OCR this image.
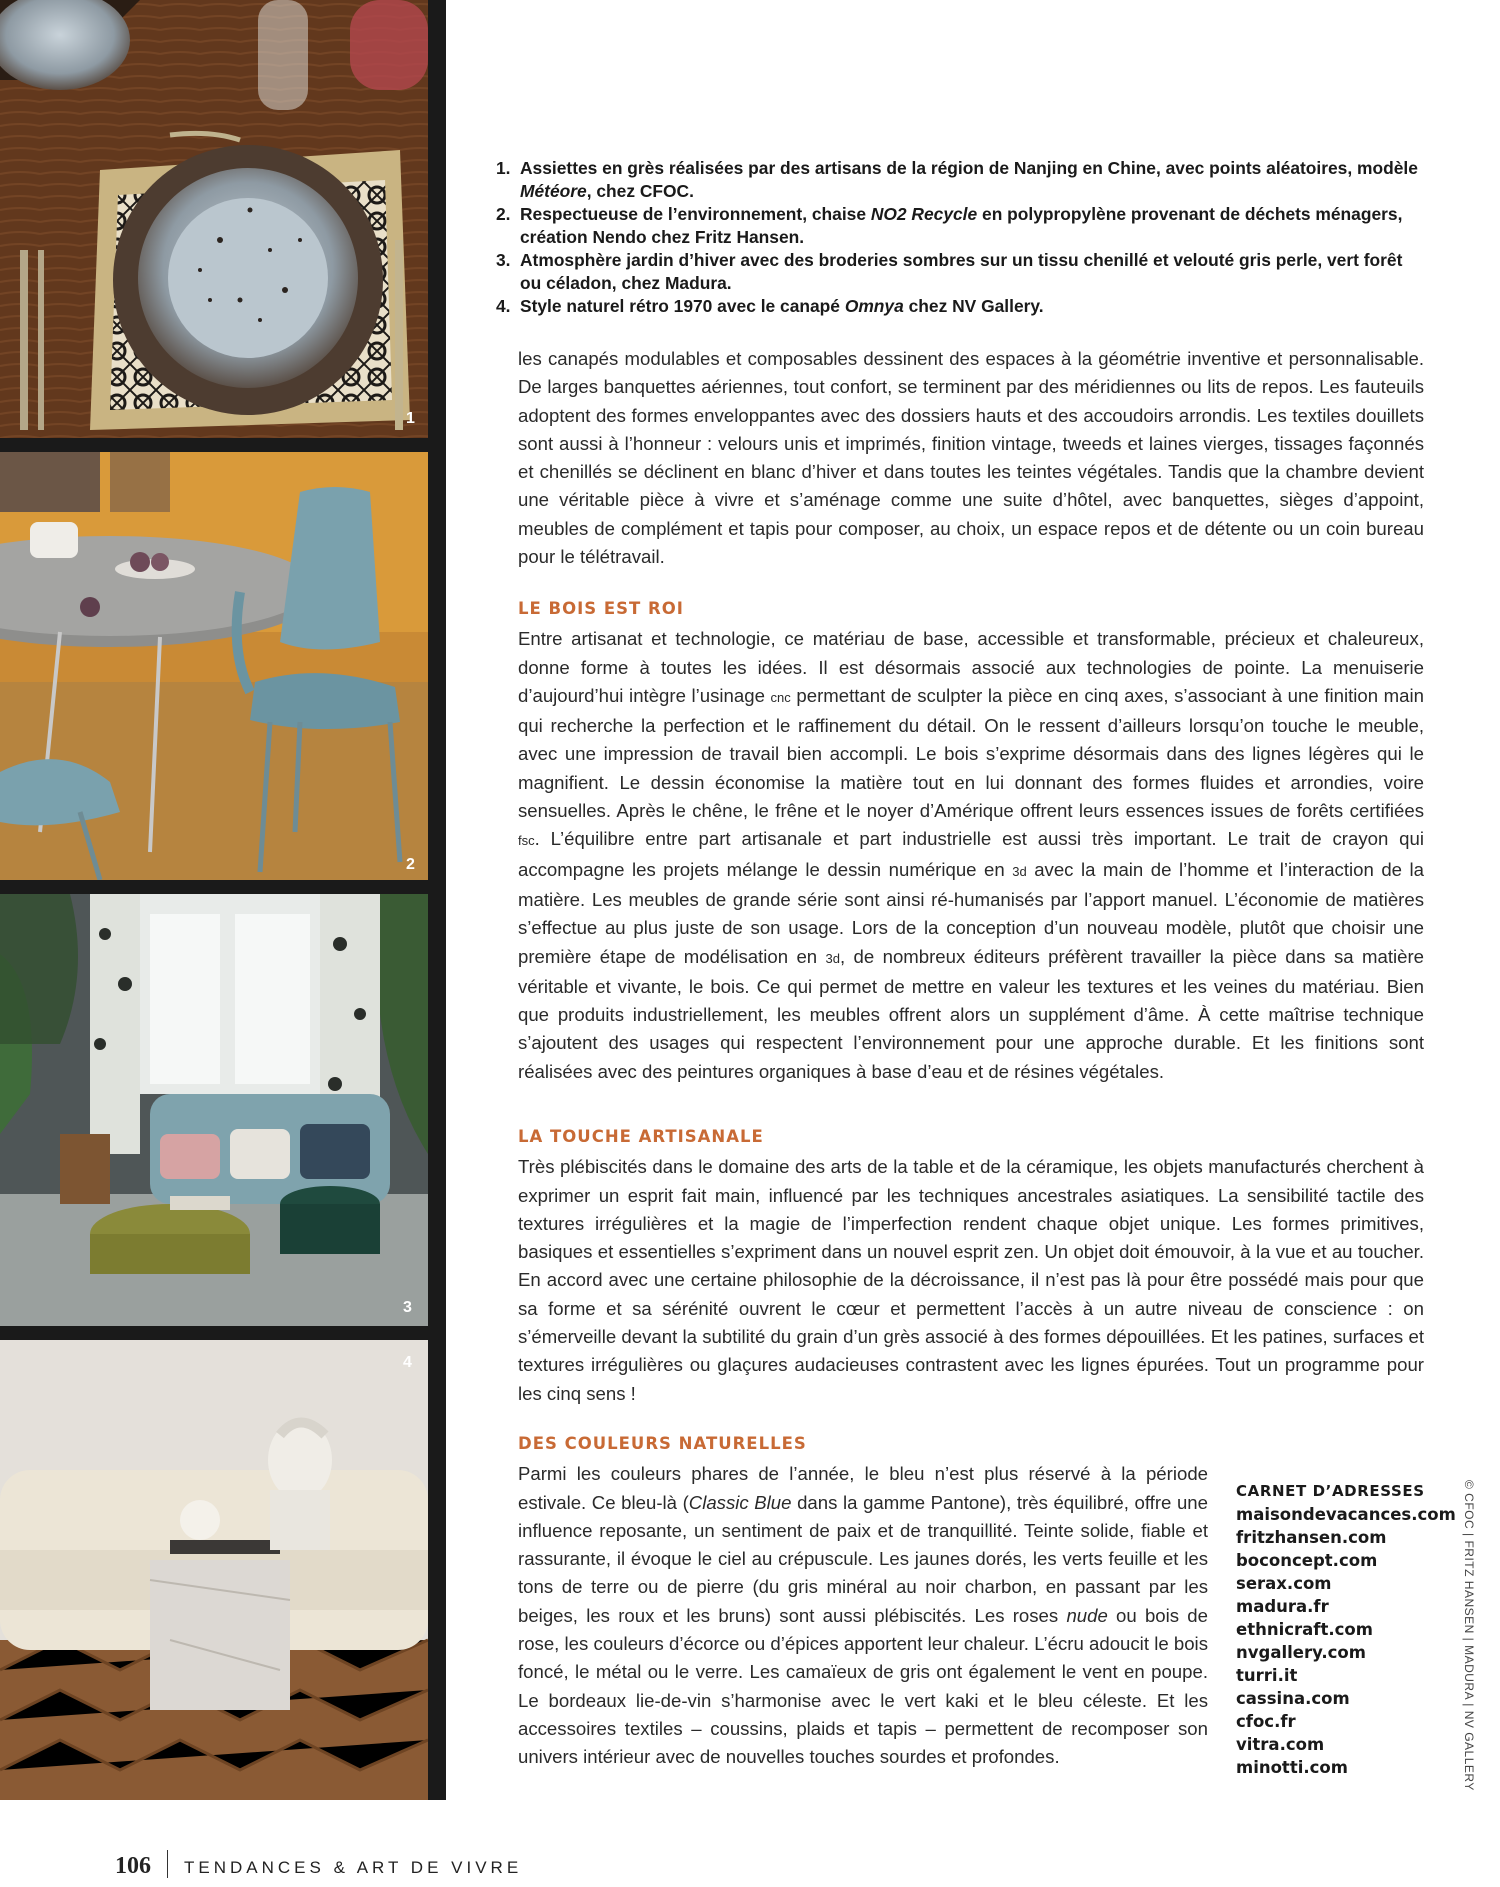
1
2
3
4
1. Assiettes en grès réalisées par des artisans de la région de Nanjing en Chine, avec points aléatoires, modèle Météore, chez CFOC.
2. Respectueuse de l’environnement, chaise NO2 Recycle en polypropylène provenant de déchets ménagers, création Nendo chez Fritz Hansen.
3. Atmosphère jardin d’hiver avec des broderies sombres sur un tissu chenillé et velouté gris perle, vert forêt ou céladon, chez Madura.
4. Style naturel rétro 1970 avec le canapé Omnya chez NV Gallery.

les canapés modulables et composables dessinent des espaces à la géométrie inventive et personnalisable. De larges banquettes aériennes, tout confort, se terminent par des méridiennes ou lits de repos. Les fauteuils adoptent des formes enveloppantes avec des dossiers hauts et des accoudoirs arrondis. Les textiles douillets sont aussi à l’honneur : velours unis et imprimés, finition vintage, tweeds et laines vierges, tissages façonnés et chenillés se déclinent en blanc d’hiver et dans toutes les teintes végétales. Tandis que la chambre devient une véritable pièce à vivre et s’aménage comme une suite d’hôtel, avec banquettes, sièges d’appoint, meubles de complément et tapis pour composer, au choix, un espace repos et de détente ou un coin bureau pour le télétravail.

LE BOIS EST ROI

Entre artisanat et technologie, ce matériau de base, accessible et transformable, précieux et chaleureux, donne forme à toutes les idées. Il est désormais associé aux technologies de pointe. La menuiserie d’aujourd’hui intègre l’usinage cnc permettant de sculpter la pièce en cinq axes, s’associant à une finition main qui recherche la perfection et le raffinement du détail. On le ressent d’ailleurs lorsqu’on touche le meuble, avec une impression de travail bien accompli. Le bois s’exprime désormais dans des lignes légères qui le magnifient. Le dessin économise la matière tout en lui donnant des formes fluides et arrondies, voire sensuelles. Après le chêne, le frêne et le noyer d’Amérique offrent leurs essences issues de forêts certifiées fsc. L’équilibre entre part artisanale et part industrielle est aussi très important. Le trait de crayon qui accompagne les projets mélange le dessin numérique en 3d avec la main de l’homme et l’interaction de la matière. Les meubles de grande série sont ainsi ré-humanisés par l’apport manuel. L’économie de matières s’effectue au plus juste de son usage. Lors de la conception d’un nouveau modèle, plutôt que choisir une première étape de modélisation en 3d, de nombreux éditeurs préfèrent travailler la pièce dans sa matière véritable et vivante, le bois. Ce qui permet de mettre en valeur les textures et les veines du matériau. Bien que produits industriellement, les meubles offrent alors un supplément d’âme. À cette maîtrise technique s’ajoutent des usages qui respectent l’environnement pour une approche durable. Et les finitions sont réalisées avec des peintures organiques à base d’eau et de résines végétales.

LA TOUCHE ARTISANALE

Très plébiscités dans le domaine des arts de la table et de la céramique, les objets manufacturés cherchent à exprimer un esprit fait main, influencé par les techniques ancestrales asiatiques. La sensibilité tactile des textures irrégulières et la magie de l’imperfection rendent chaque objet unique. Les formes primitives, basiques et essentielles s’expriment dans un nouvel esprit zen. Un objet doit émouvoir, à la vue et au toucher. En accord avec une certaine philosophie de la décroissance, il n’est pas là pour être possédé mais pour que sa forme et sa sérénité ouvrent le cœur et permettent l’accès à un autre niveau de conscience : on s’émerveille devant la subtilité du grain d’un grès associé à des formes dépouillées. Et les patines, surfaces et textures irrégulières ou glaçures audacieuses contrastent avec les lignes épurées. Tout un programme pour les cinq sens !

DES COULEURS NATURELLES

Parmi les couleurs phares de l’année, le bleu n’est plus réservé à la période estivale. Ce bleu-là (Classic Blue dans la gamme Pantone), très équilibré, offre une influence reposante, un sentiment de paix et de tranquillité. Teinte solide, fiable et rassurante, il évoque le ciel au crépuscule. Les jaunes dorés, les verts feuille et les tons de terre ou de pierre (du gris minéral au noir charbon, en passant par les beiges, les roux et les bruns) sont aussi plébiscités. Les roses nude ou bois de rose, les couleurs d’écorce ou d’épices apportent leur chaleur. L’écru adoucit le bois foncé, le métal ou le verre. Les camaïeux de gris ont également le vent en poupe. Le bordeaux lie-de-vin s’harmonise avec le vert kaki et le bleu céleste. Et les accessoires textiles – coussins, plaids et tapis – permettent de recomposer son univers intérieur avec de nouvelles touches sourdes et profondes.

CARNET D’ADRESSES
maisondevacances.com
fritzhansen.com
boconcept.com
serax.com
madura.fr
ethnicraft.com
nvgallery.com
turri.it
cassina.com
cfoc.fr
vitra.com
minotti.com	© CFOC | FRITZ HANSEN | MADURA | NV GALLERY
106 TENDANCES & ART DE VIVRE
